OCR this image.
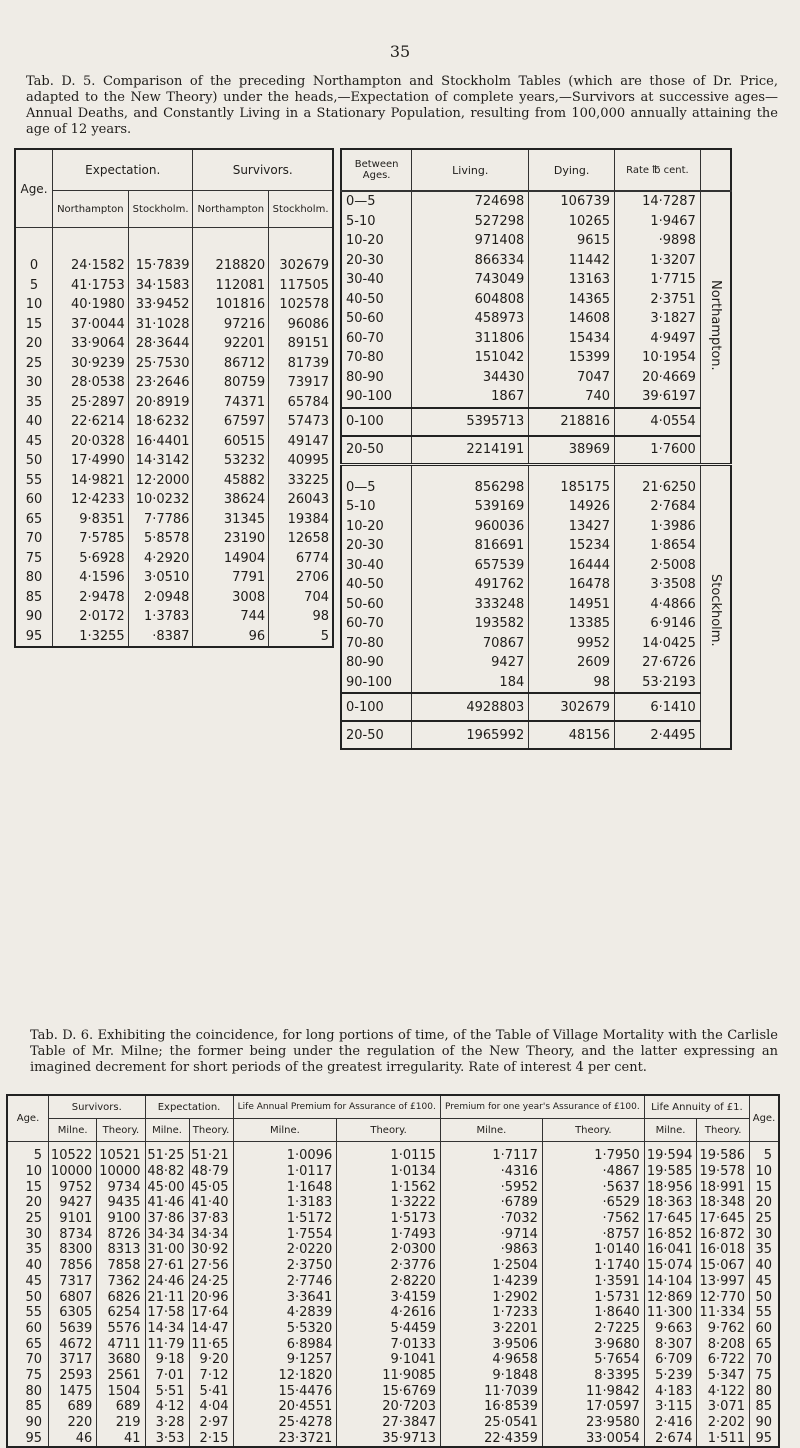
35
Tab. D. 5. Comparison of the preceding Northampton and Stockholm Tables (which are those of Dr. Price, adapted to the New Theory) under the heads,—Expectation of complete years,—Survivors at successive ages—Annual Deaths, and Constantly Living in a Stationary Population, resulting from 100,000 annually attaining the age of 12 years.
Age.	Expectation.		Survivors.	
	Northampton	Stockholm.	Northampton	Stockholm.
0	24·1582	15·7839	218820	302679
5	41·1753	34·1583	112081	117505
10	40·1980	33·9452	101816	102578
15	37·0044	31·1028	97216	96086
20	33·9064	28·3644	92201	89151
25	30·9239	25·7530	86712	81739
30	28·0538	23·2646	80759	73917
35	25·2897	20·8919	74371	65784
40	22·6214	18·6232	67597	57473
45	20·0328	16·4401	60515	49147
50	17·4990	14·3142	53232	40995
55	14·9821	12·2000	45882	33225
60	12·4233	10·0232	38624	26043
65	9·8351	7·7786	31345	19384
70	7·5785	5·8578	23190	12658
75	5·6928	4·2920	14904	6774
80	4·1596	3·0510	7791	2706
85	2·9478	2·0948	3008	704
90	2·0172	1·3783	744	98
95	1·3255	·8387	96	5
Between Ages.	Living.	Dying.	Rate ℔ cent.	
0—5	724698	106739	14·7287	Northampton.
5-10	527298	10265	1·9467	
10-20	971408	9615	·9898	
20-30	866334	11442	1·3207	
30-40	743049	13163	1·7715	
40-50	604808	14365	2·3751	
50-60	458973	14608	3·1827	
60-70	311806	15434	4·9497	
70-80	151042	15399	10·1954	
80-90	34430	7047	20·4669	
90-100	1867	740	39·6197	
0-100	5395713	218816	4·0554	
20-50	2214191	38969	1·7600	

0—5	856298	185175	21·6250	Stockholm.
5-10	539169	14926	2·7684	
10-20	960036	13427	1·3986	
20-30	816691	15234	1·8654	
30-40	657539	16444	2·5008	
40-50	491762	16478	3·3508	
50-60	333248	14951	4·4866	
60-70	193582	13385	6·9146	
70-80	70867	9952	14·0425	
80-90	9427	2609	27·6726	
90-100	184	98	53·2193	
0-100	4928803	302679	6·1410	
20-50	1965992	48156	2·4495	
Tab. D. 6. Exhibiting the coincidence, for long portions of time, of the Table of Village Mortality with the Carlisle Table of Mr. Milne; the former being under the regulation of the New Theory, and the latter expressing an imagined decrement for short periods of the greatest irregularity. Rate of interest 4 per cent.
Age.	Survivors.		Expectation.		Life Annual Premium for Assurance of £100.		Premium for one year's Assurance of £100.		Life Annuity of £1.		Age.
	Milne.	Theory.	Milne.	Theory.	Milne.	Theory.	Milne.	Theory.	Milne.	Theory.	
5	10522	10521	51·25	51·21	1·0096	1·0115	1·7117	1·7950	19·594	19·586	5
10	10000	10000	48·82	48·79	1·0117	1·0134	·4316	·4867	19·585	19·578	10
15	9752	9734	45·00	45·05	1·1648	1·1562	·5952	·5637	18·956	18·991	15
20	9427	9435	41·46	41·40	1·3183	1·3222	·6789	·6529	18·363	18·348	20
25	9101	9100	37·86	37·83	1·5172	1·5173	·7032	·7562	17·645	17·645	25
30	8734	8726	34·34	34·34	1·7554	1·7493	·9714	·8757	16·852	16·872	30
35	8300	8313	31·00	30·92	2·0220	2·0300	·9863	1·0140	16·041	16·018	35
40	7856	7858	27·61	27·56	2·3750	2·3776	1·2504	1·1740	15·074	15·067	40
45	7317	7362	24·46	24·25	2·7746	2·8220	1·4239	1·3591	14·104	13·997	45
50	6807	6826	21·11	20·96	3·3641	3·4159	1·2902	1·5731	12·869	12·770	50
55	6305	6254	17·58	17·64	4·2839	4·2616	1·7233	1·8640	11·300	11·334	55
60	5639	5576	14·34	14·47	5·5320	5·4459	3·2201	2·7225	9·663	9·762	60
65	4672	4711	11·79	11·65	6·8984	7·0133	3·9506	3·9680	8·307	8·208	65
70	3717	3680	9·18	9·20	9·1257	9·1041	4·9658	5·7654	6·709	6·722	70
75	2593	2561	7·01	7·12	12·1820	11·9085	9·1848	8·3395	5·239	5·347	75
80	1475	1504	5·51	5·41	15·4476	15·6769	11·7039	11·9842	4·183	4·122	80
85	689	689	4·12	4·04	20·4551	20·7203	16·8539	17·0597	3·115	3·071	85
90	220	219	3·28	2·97	25·4278	27·3847	25·0541	23·9580	2·416	2·202	90
95	46	41	3·53	2·15	23·3721	35·9713	22·4359	33·0054	2·674	1·511	95
